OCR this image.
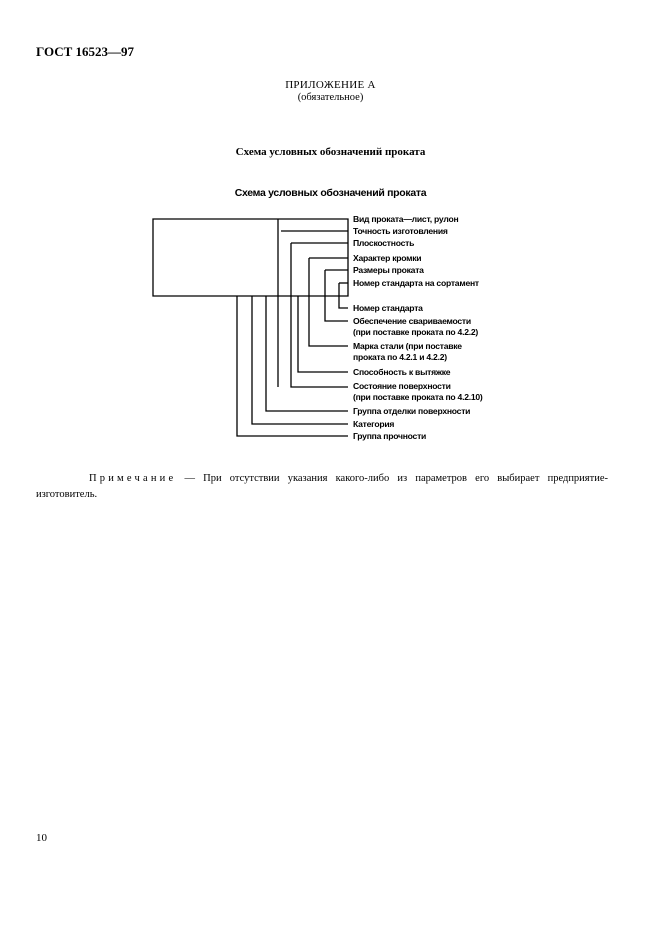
ГОСТ 16523—97
ПРИЛОЖЕНИЕ А
(обязательное)
Схема условных обозначений проката
Схема условных обозначений проката
Вид проката—лист, рулон
Точность изготовления
Плоскостность
Характер кромки
Размеры проката
Номер стандарта на сортамент
Номер стандарта
Обеспечение свариваемости
(при поставке проката по 4.2.2)
Марка стали (при поставке
проката по 4.2.1 и 4.2.2)
Способность к вытяжке
Состояние поверхности
(при поставке проката по 4.2.10)
Группа отделки поверхности
Категория
Группа прочности
Примечание — При отсутствии указания какого-либо из параметров его выбирает предприятие-изготовитель.
10
